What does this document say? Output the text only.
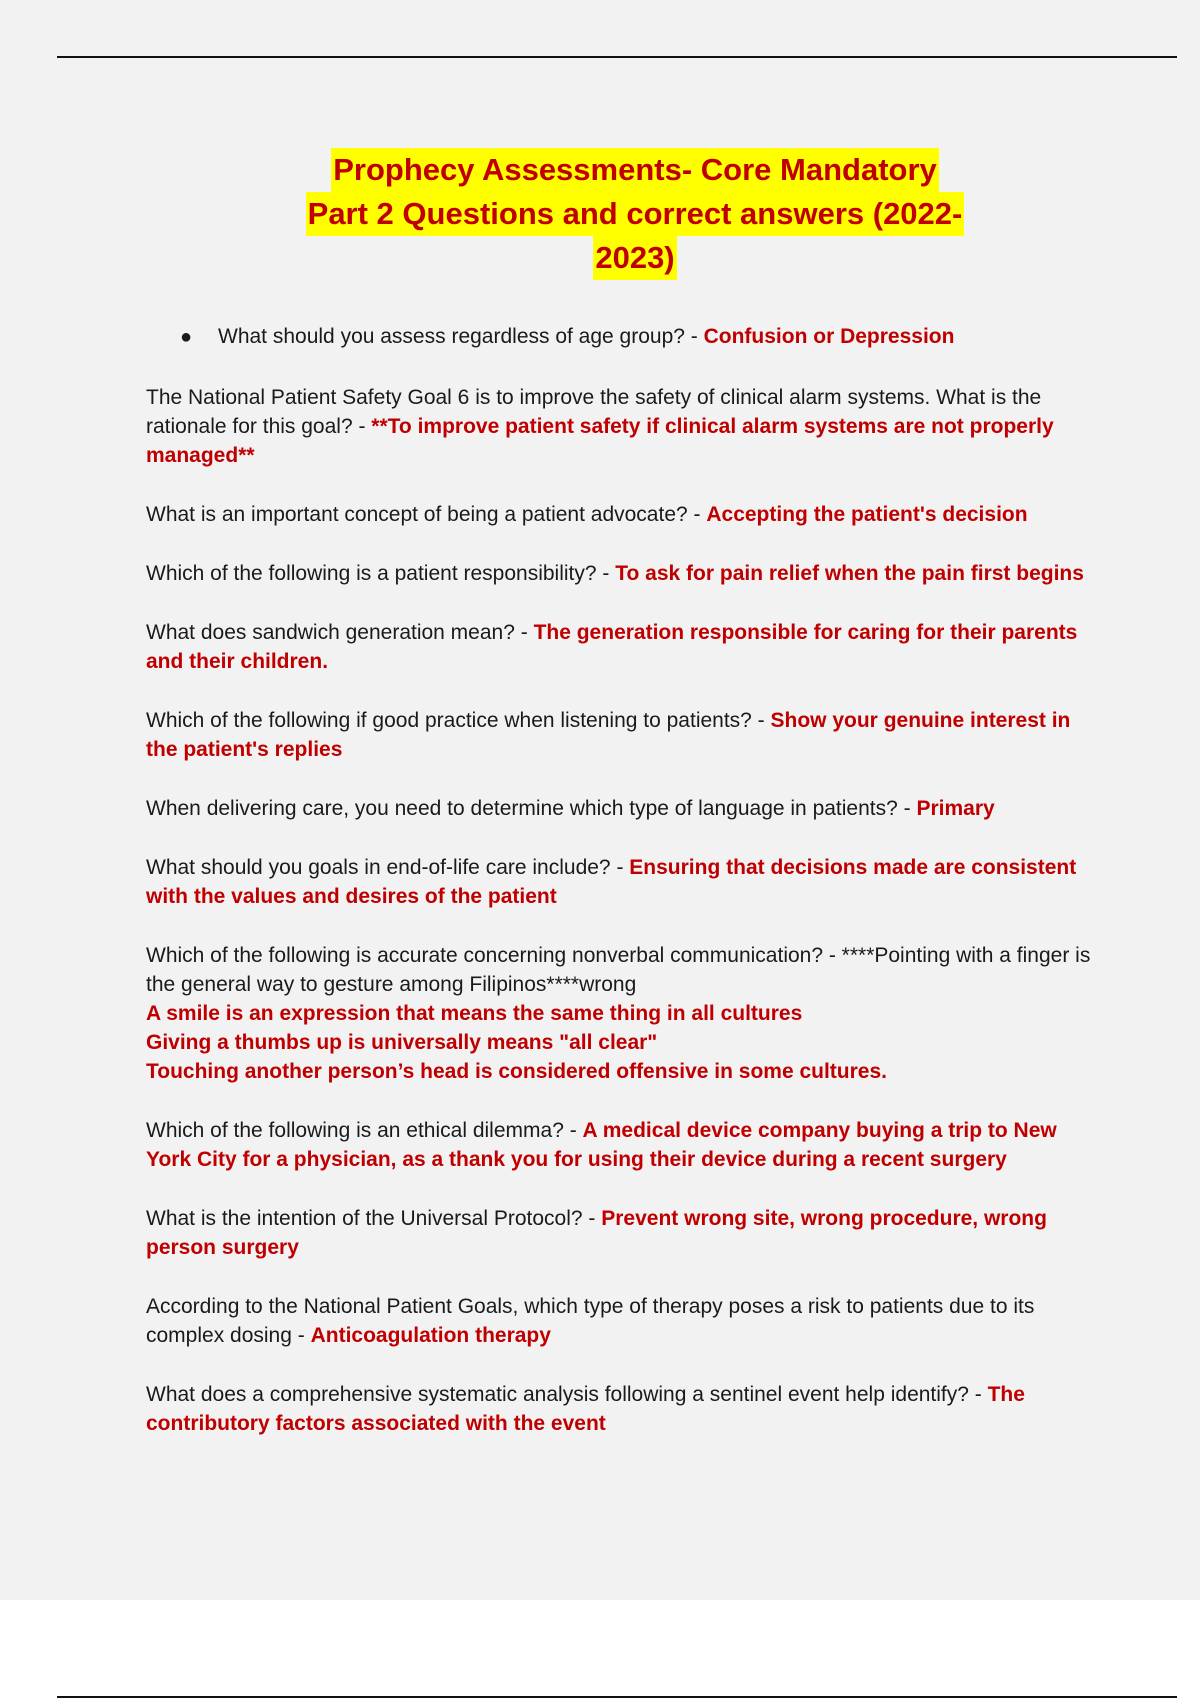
Prophecy Assessments- Core Mandatory
Part 2 Questions and correct answers (2022-
2023)
● What should you assess regardless of age group? - Confusion or Depression

The National Patient Safety Goal 6 is to improve the safety of clinical alarm systems. What is the rationale for this goal? - **To improve patient safety if clinical alarm systems are not properly managed**

What is an important concept of being a patient advocate? - Accepting the patient's decision

Which of the following is a patient responsibility? - To ask for pain relief when the pain first begins

What does sandwich generation mean? - The generation responsible for caring for their parents and their children.

Which of the following if good practice when listening to patients? - Show your genuine interest in the patient's replies

When delivering care, you need to determine which type of language in patients? - Primary

What should you goals in end-of-life care include? - Ensuring that decisions made are consistent with the values and desires of the patient

Which of the following is accurate concerning nonverbal communication? - ****Pointing with a finger is the general way to gesture among Filipinos****wrong
A smile is an expression that means the same thing in all cultures
Giving a thumbs up is universally means "all clear"
Touching another person’s head is considered offensive in some cultures.

Which of the following is an ethical dilemma? - A medical device company buying a trip to New York City for a physician, as a thank you for using their device during a recent surgery

What is the intention of the Universal Protocol? - Prevent wrong site, wrong procedure, wrong person surgery

According to the National Patient Goals, which type of therapy poses a risk to patients due to its complex dosing - Anticoagulation therapy

What does a comprehensive systematic analysis following a sentinel event help identify? - The contributory factors associated with the event
